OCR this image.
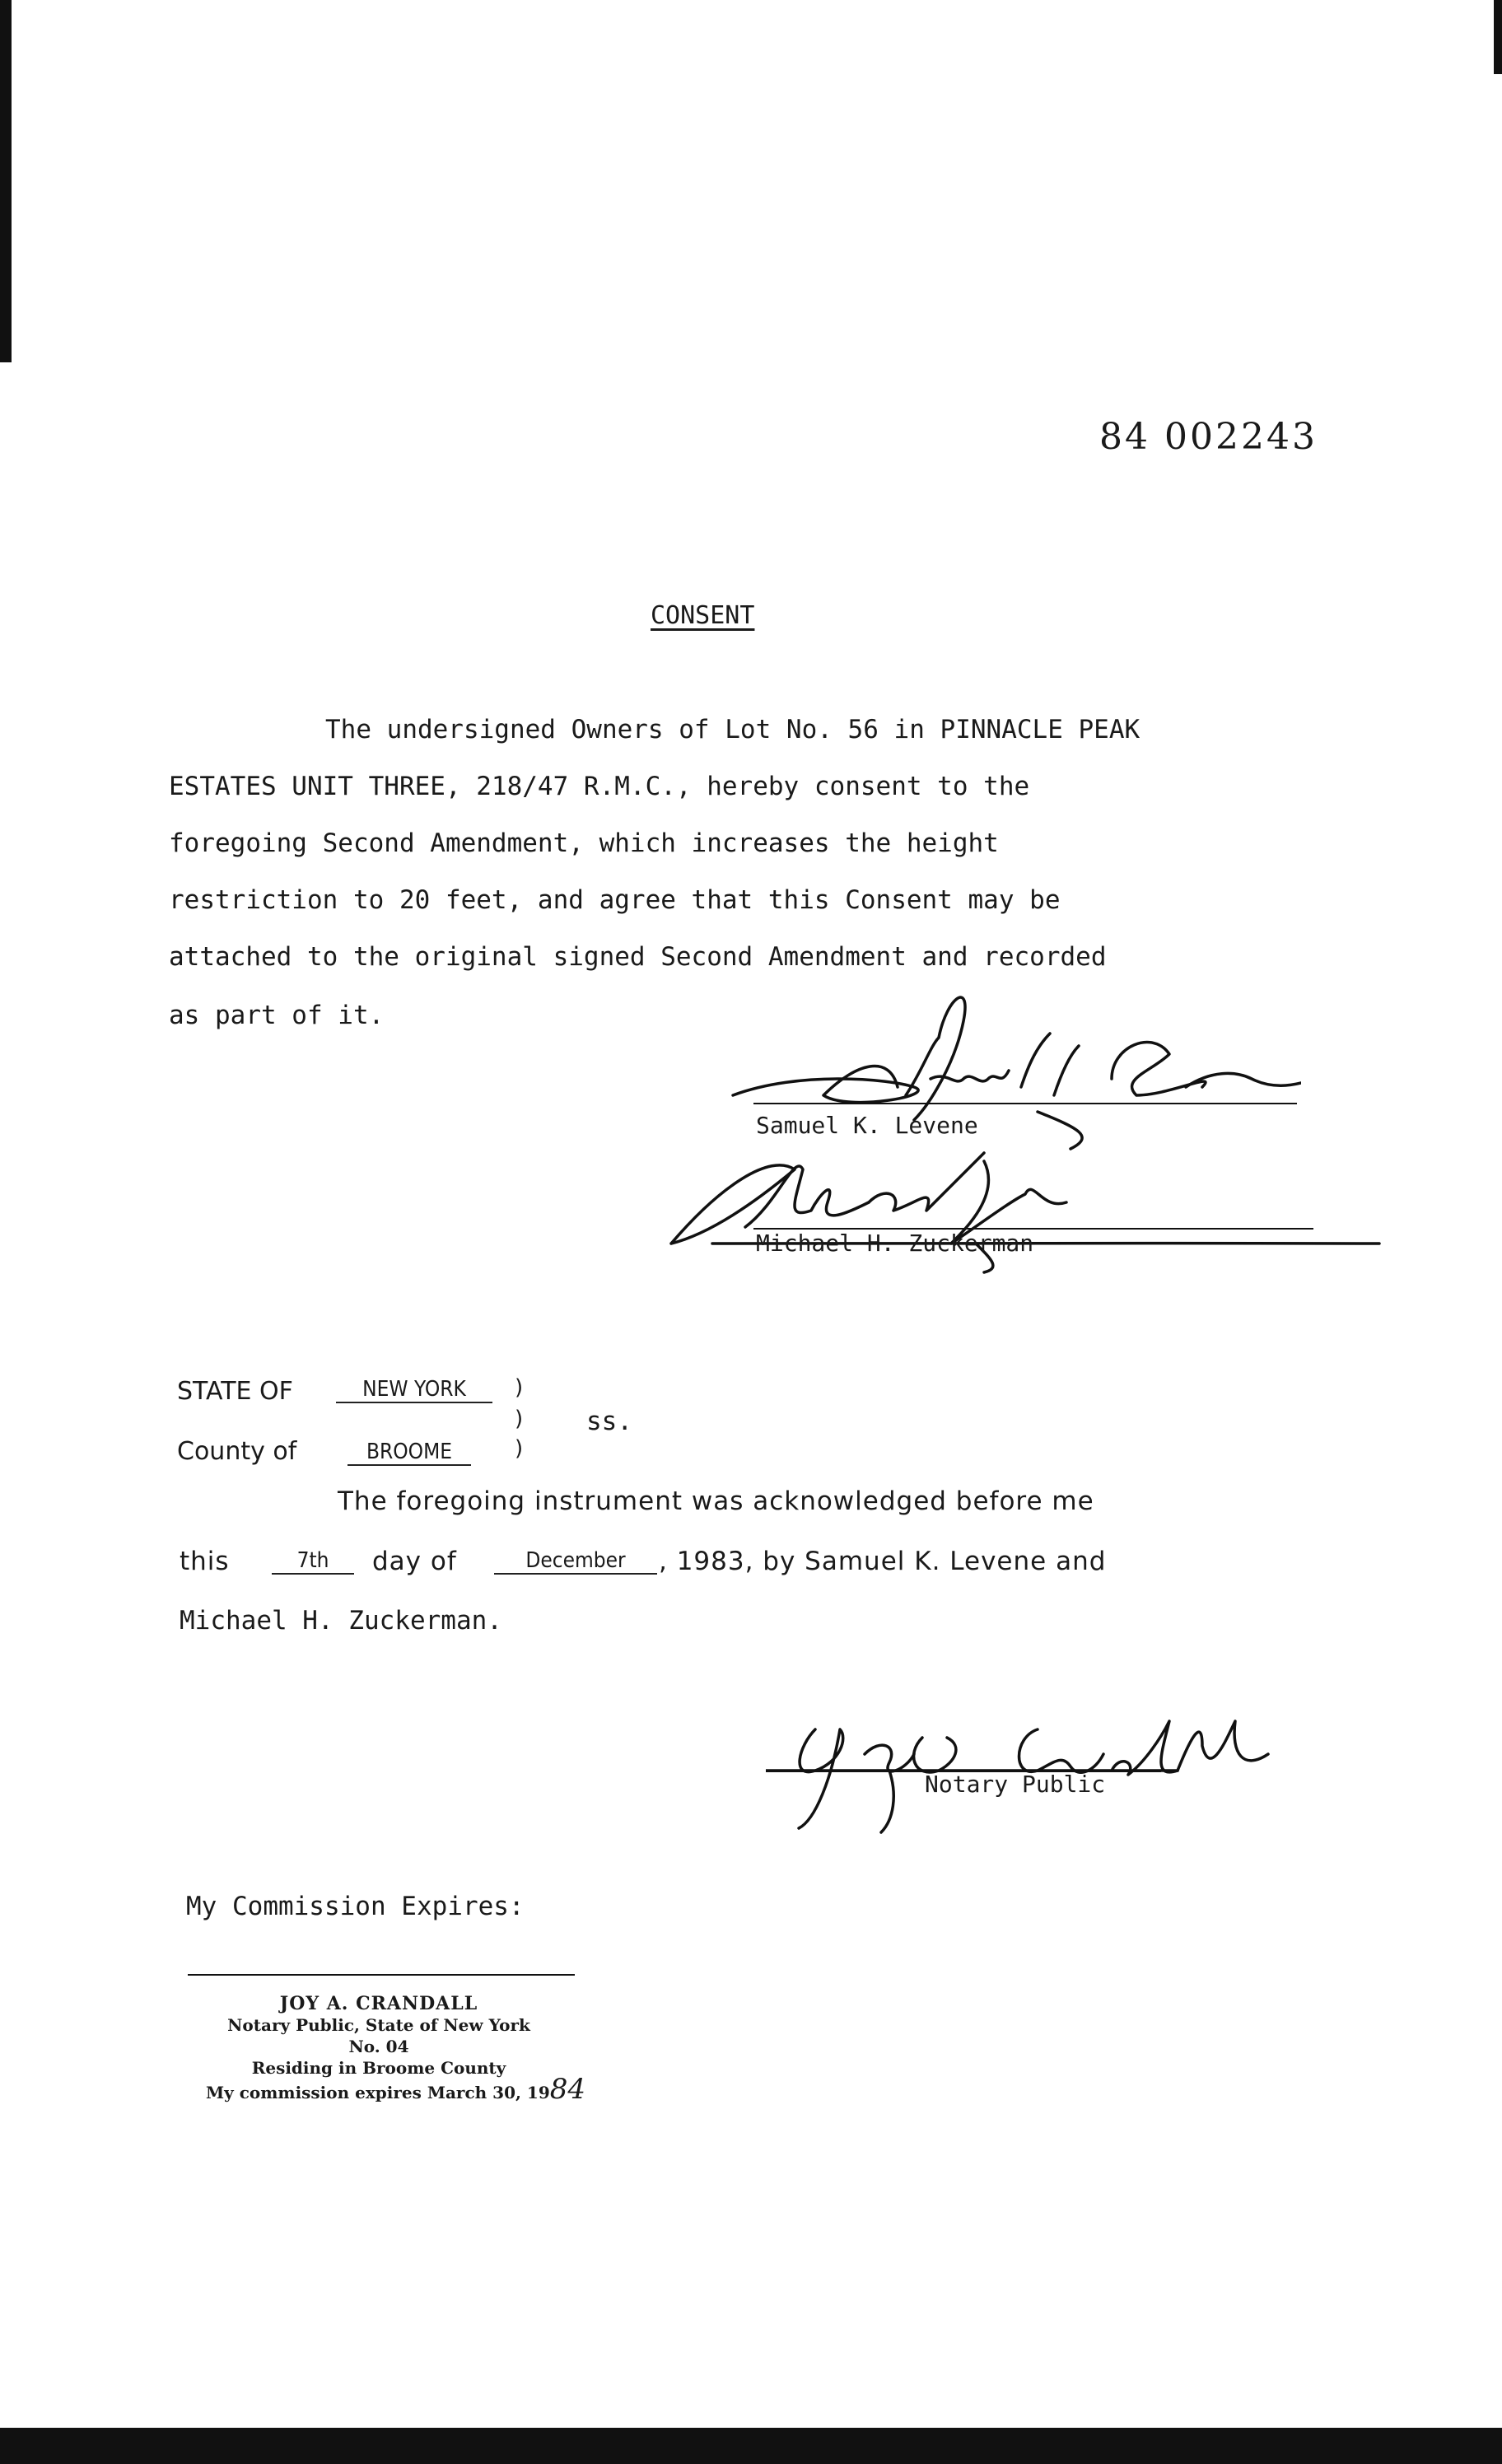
84 002243
CONSENT
The undersigned Owners of Lot No. 56 in PINNACLE PEAK
ESTATES UNIT THREE, 218/47 R.M.C., hereby consent to the
foregoing Second Amendment, which increases the height
restriction to 20 feet, and agree that this Consent may be
attached to the original signed Second Amendment and recorded
as part of it.
Samuel K. Levene
Michael H. Zuckerman
STATE OF	NEW YORK	)
)
)
ss.
County of	BROOME
The foregoing instrument was acknowledged before me
this	7th	day of	December	, 1983, by Samuel K. Levene and
Michael H. Zuckerman.
Notary Public
My Commission Expires:
JOY A. CRANDALL
Notary Public, State of New York
No. 04
Residing in Broome County
My commission expires March 30, 1984
